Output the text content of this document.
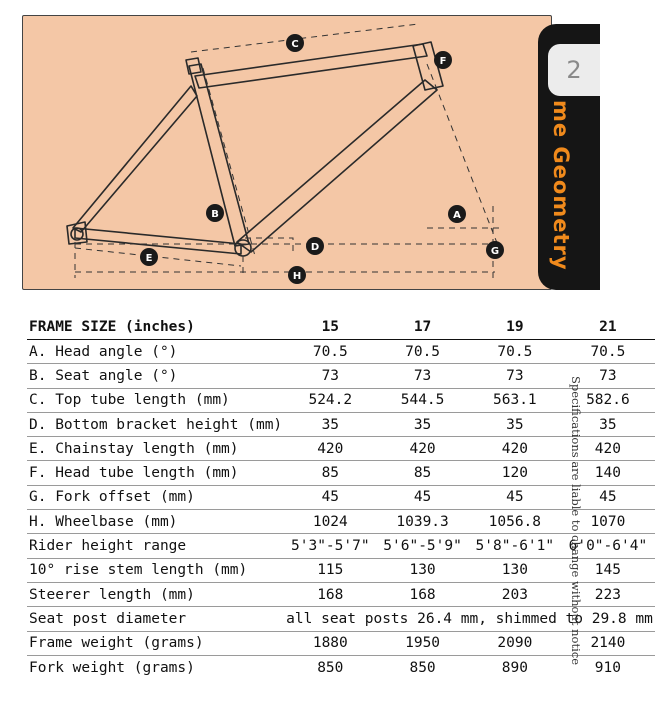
C
F
A
B
D	G
E
H
2
me Geometry
FRAME SIZE (inches)	15	17	19	21
A. Head angle (°)	70.5	70.5	70.5	70.5
B. Seat angle (°)	73	73	73	73
C. Top tube length (mm)	524.2	544.5	563.1	582.6
D. Bottom bracket height (mm)	35	35	35	35
E. Chainstay length (mm)	420	420	420	420
F. Head tube length (mm)	85	85	120	140
G. Fork offset (mm)	45	45	45	45
H. Wheelbase (mm)	1024	1039.3	1056.8	1070
Rider height range	5'3"-5'7"	5'6"-5'9"	5'8"-6'1"	6'0"-6'4"
10° rise stem length (mm)	115	130	130	145
Steerer length (mm)	168	168	203	223
Seat post diameter	all seat posts 26.4 mm, shimmed to 29.8 mm			
Frame weight (grams)	1880	1950	2090	2140
Fork weight (grams)	850	850	890	910
Specifications are liable to change without notice
